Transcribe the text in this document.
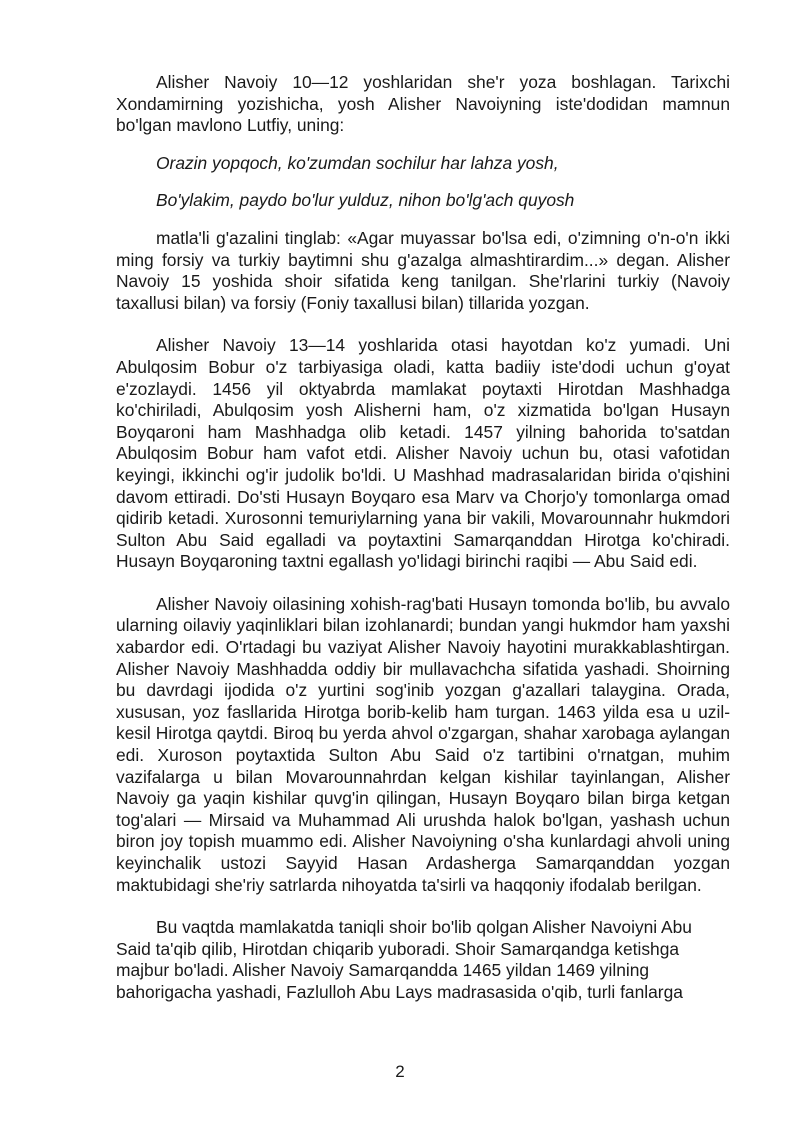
Alisher Navoiy 10—12 yoshlaridan she'r yoza boshlagan. Tarixchi Xondamirning yozishicha, yosh Alisher Navoiyning iste'dodidan mamnun bo'lgan mavlono Lutfiy, uning:

Orazin yopqoch, ko'zumdan sochilur har lahza yosh,

Bo'ylakim, paydo bo'lur yulduz, nihon bo'lg'ach quyosh

matla'li g'azalini tinglab: «Agar muyassar bo'lsa edi, o'zimning o'n-o'n ikki ming forsiy va turkiy baytimni shu g'azalga almashtirardim...» degan. Alisher Navoiy 15 yoshida shoir sifatida keng tanilgan. She'rlarini turkiy (Navoiy taxallusi bilan) va forsiy (Foniy taxallusi bilan) tillarida yozgan.

Alisher Navoiy 13—14 yoshlarida otasi hayotdan ko'z yumadi. Uni Abulqosim Bobur o'z tarbiyasiga oladi, katta badiiy iste'dodi uchun g'oyat e'zozlaydi. 1456 yil oktyabrda mamlakat poytaxti Hirotdan Mashhadga ko'chiriladi, Abulqosim yosh Alisherni ham, o'z xizmatida bo'lgan Husayn Boyqaroni ham Mashhadga olib ketadi. 1457 yilning bahorida to'satdan Abulqosim Bobur ham vafot etdi. Alisher Navoiy uchun bu, otasi vafotidan keyingi, ikkinchi og'ir judolik bo'ldi. U Mashhad madrasalaridan birida o'qishini davom ettiradi. Do'sti Husayn Boyqaro esa Marv va Chorjo'y tomonlarga omad qidirib ketadi. Xurosonni temuriylarning yana bir vakili, Movarounnahr hukmdori Sulton Abu Said egalladi va poytaxtini Samarqanddan Hirotga ko'chiradi. Husayn Boyqaroning taxtni egallash yo'lidagi birinchi raqibi — Abu Said edi.

Alisher Navoiy oilasining xohish-rag'bati Husayn tomonda bo'lib, bu avvalo ularning oilaviy yaqinliklari bilan izohlanardi; bundan yangi hukmdor ham yaxshi xabardor edi. O'rtadagi bu vaziyat Alisher Navoiy hayotini murakkablashtirgan. Alisher Navoiy Mashhadda oddiy bir mullavachcha sifatida yashadi. Shoirning bu davrdagi ijodida o'z yurtini sog'inib yozgan g'azallari talaygina. Orada, xususan, yoz fasllarida Hirotga borib-kelib ham turgan. 1463 yilda esa u uzil-kesil Hirotga qaytdi. Biroq bu yerda ahvol o'zgargan, shahar xarobaga aylangan edi. Xuroson poytaxtida Sulton Abu Said o'z tartibini o'rnatgan, muhim vazifalarga u bilan Movarounnahrdan kelgan kishilar tayinlangan, Alisher Navoiy ga yaqin kishilar quvg'in qilingan, Husayn Boyqaro bilan birga ketgan tog'alari — Mirsaid va Muhammad Ali urushda halok bo'lgan, yashash uchun biron joy topish muammo edi. Alisher Navoiyning o'sha kunlardagi ahvoli uning keyinchalik ustozi Sayyid Hasan Ardasherga Samarqanddan yozgan maktubidagi she'riy satrlarda nihoyatda ta'sirli va haqqoniy ifodalab berilgan.

Bu vaqtda mamlakatda taniqli shoir bo'lib qolgan Alisher Navoiyni Abu Said ta'qib qilib, Hirotdan chiqarib yuboradi. Shoir Samarqandga ketishga majbur bo'ladi. Alisher Navoiy Samarqandda 1465 yildan 1469 yilning bahorigacha yashadi, Fazlulloh Abu Lays madrasasida o'qib, turli fanlarga

2
